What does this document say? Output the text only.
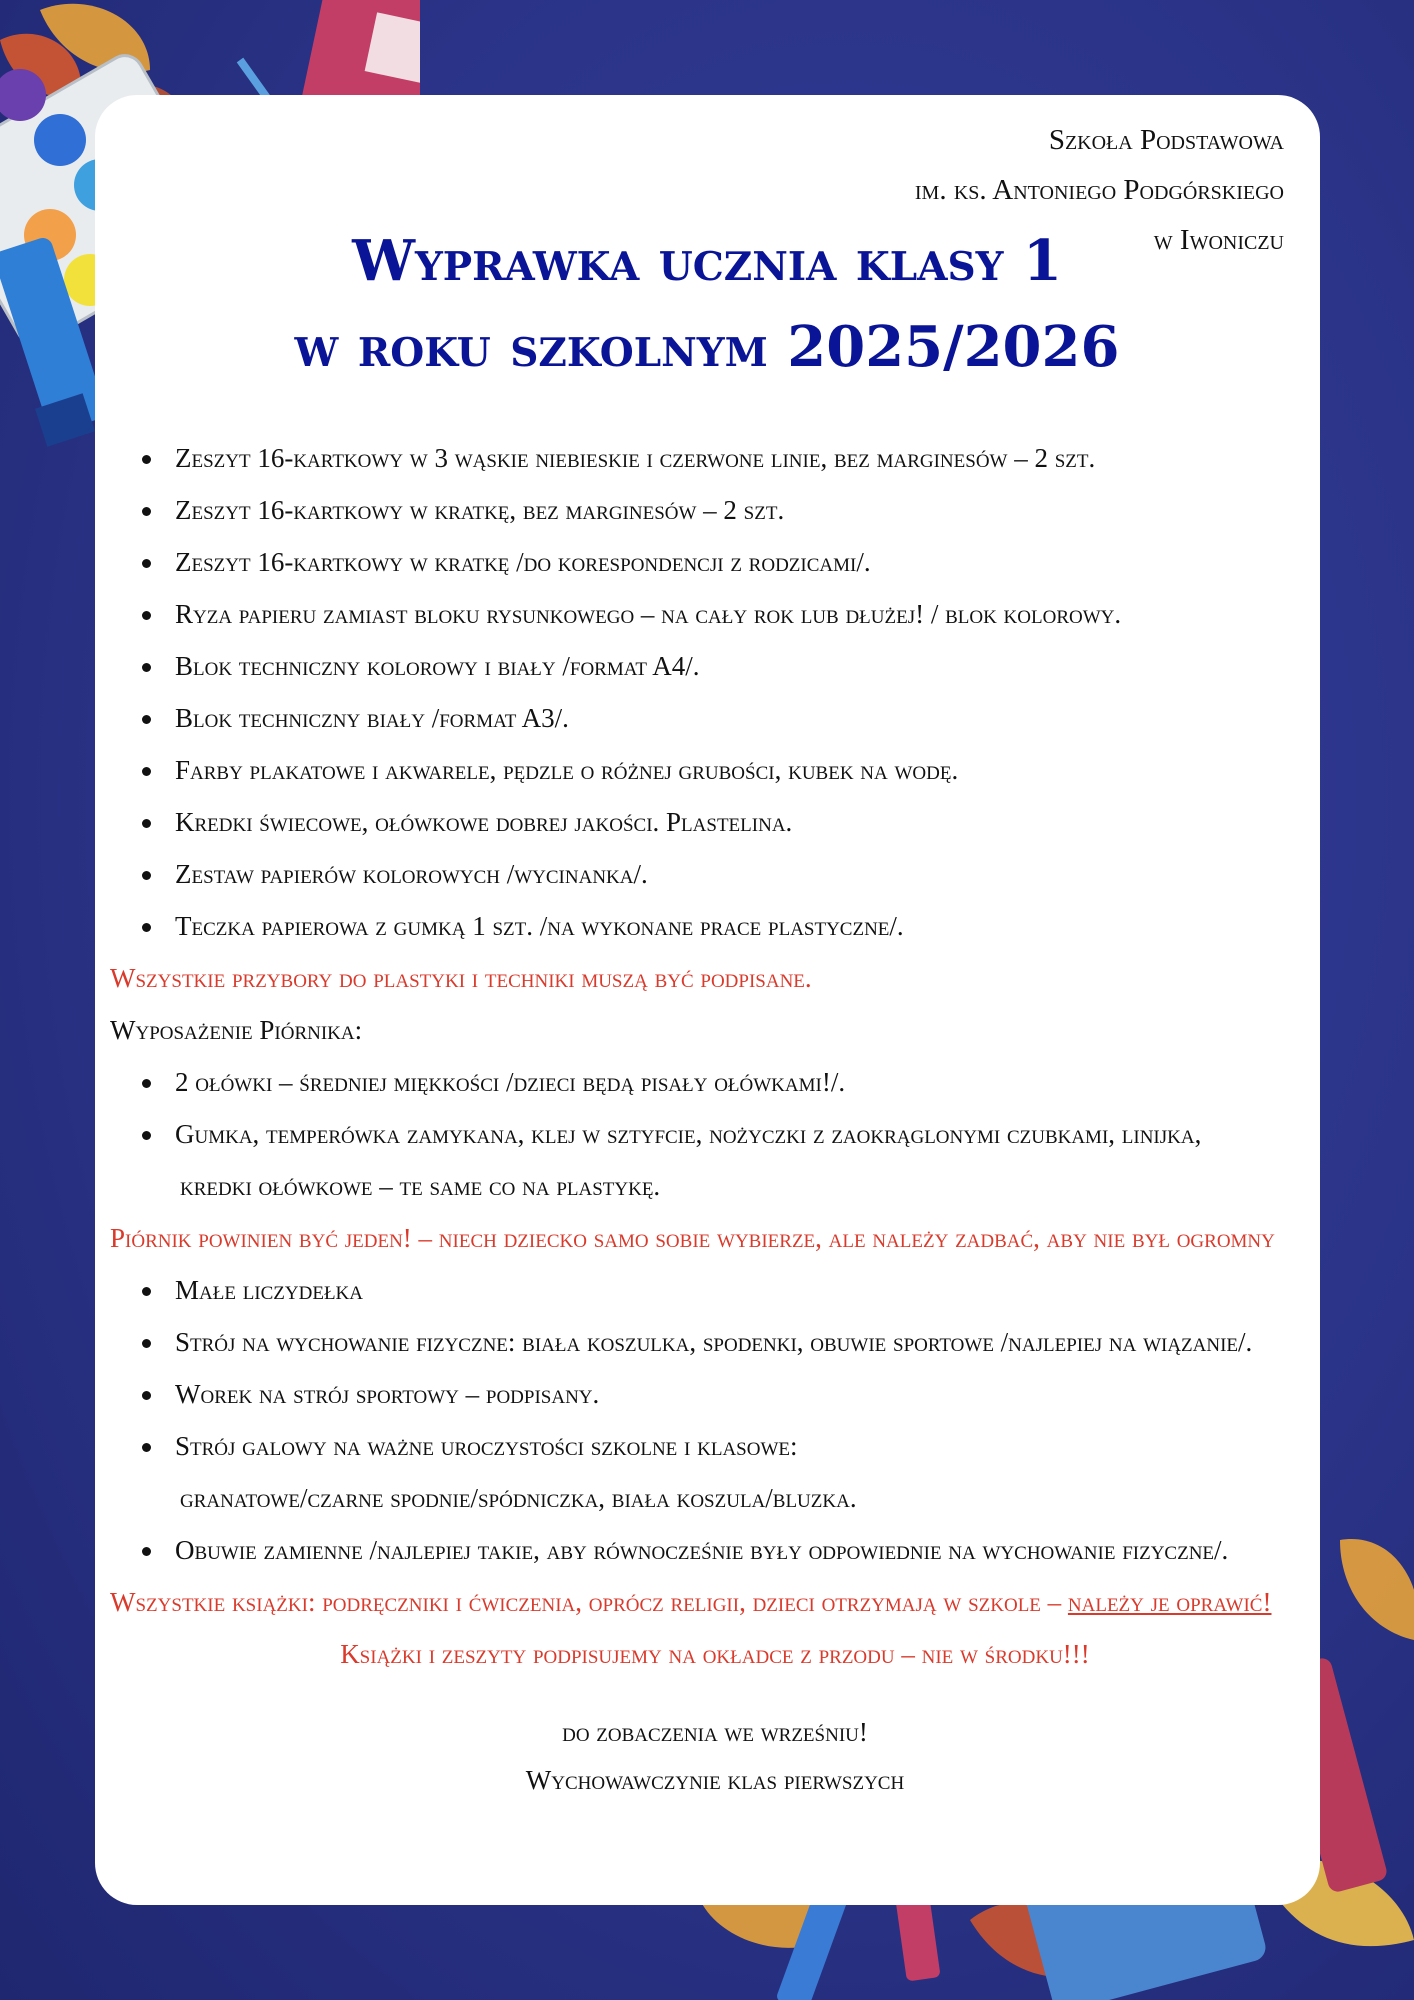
Szkoła Podstawowa
im. ks. Antoniego Podgórskiego
w Iwoniczu
Wyprawka ucznia klasy 1
w roku szkolnym 2025/2026

Zeszyt 16-kartkowy w 3 wąskie niebieskie i czerwone linie, bez marginesów – 2 szt.

Zeszyt 16-kartkowy w kratkę, bez marginesów – 2 szt.

Zeszyt 16-kartkowy w kratkę /do korespondencji z rodzicami/.

Ryza papieru zamiast bloku rysunkowego – na cały rok lub dłużej! / blok kolorowy.

Blok techniczny kolorowy i biały /format A4/.

Blok techniczny biały /format A3/.

Farby plakatowe i akwarele, pędzle o różnej grubości, kubek na wodę.

Kredki świecowe, ołówkowe dobrej jakości. Plastelina.

Zestaw papierów kolorowych /wycinanka/.

Teczka papierowa z gumką 1 szt. /na wykonane prace plastyczne/.

Wszystkie przybory do plastyki i techniki muszą być podpisane.

Wyposażenie Piórnika:

2 ołówki – średniej miękkości /dzieci będą pisały ołówkami!/.

Gumka, temperówka zamykana, klej w sztyfcie, nożyczki z zaokrąglonymi czubkami, linijka,

kredki ołówkowe – te same co na plastykę.

Piórnik powinien być jeden! – niech dziecko samo sobie wybierze, ale należy zadbać, aby nie był ogromny

Małe liczydełka

Strój na wychowanie fizyczne: biała koszulka, spodenki, obuwie sportowe /najlepiej na wiązanie/.

Worek na strój sportowy – podpisany.

Strój galowy na ważne uroczystości szkolne i klasowe:

granatowe/czarne spodnie/spódniczka, biała koszula/bluzka.

Obuwie zamienne /najlepiej takie, aby równocześnie były odpowiednie na wychowanie fizyczne/.

Wszystkie książki: podręczniki i ćwiczenia, oprócz religii, dzieci otrzymają w szkole – należy je oprawić!

Książki i zeszyty podpisujemy na okładce z przodu – nie w środku!!!

do zobaczenia we wrześniu!

Wychowawczynie klas pierwszych
